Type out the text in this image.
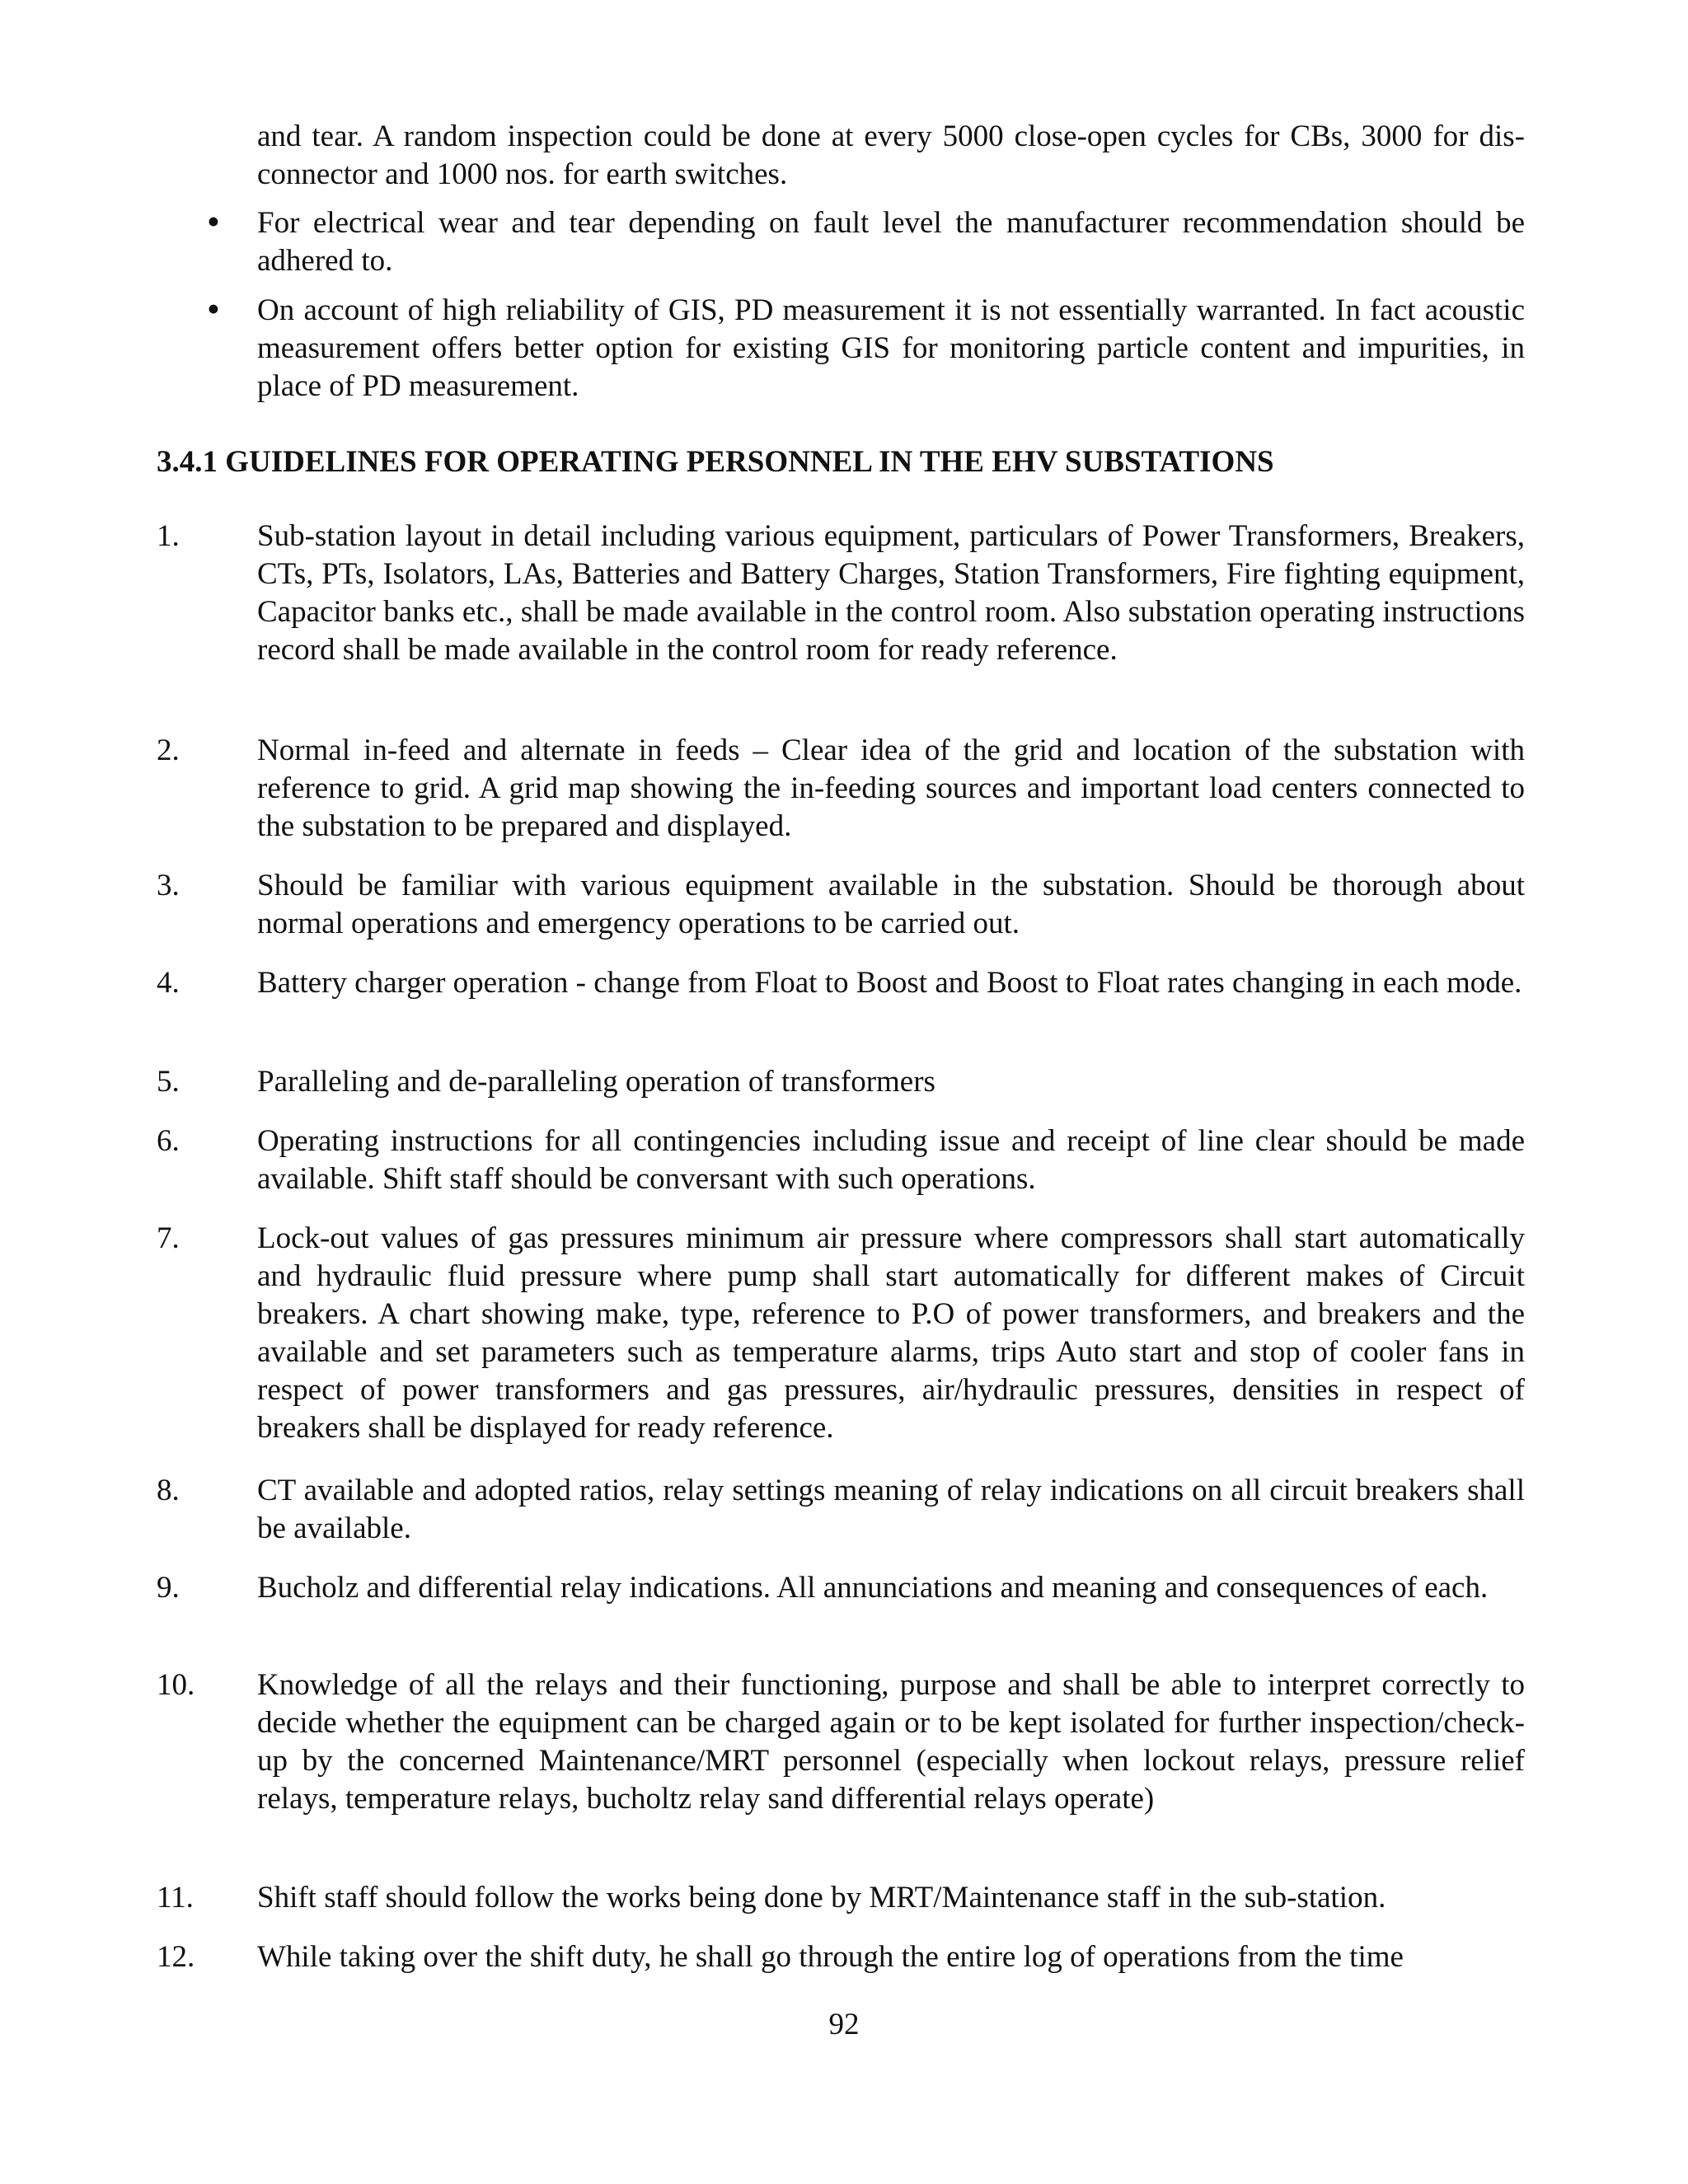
and tear. A random inspection could be done at every 5000 close-open cycles for CBs, 3000 for dis-connector and 1000 nos. for earth switches.

• For electrical wear and tear depending on fault level the manufacturer recommendation should be adhered to.
• On account of high reliability of GIS, PD measurement it is not essentially warranted. In fact acoustic measurement offers better option for existing GIS for monitoring particle content and impurities, in place of PD measurement.
3.4.1 GUIDELINES FOR OPERATING PERSONNEL IN THE EHV SUBSTATIONS
1.	Sub-station layout in detail including various equipment, particulars of Power Transformers, Breakers, CTs, PTs, Isolators, LAs, Batteries and Battery Charges, Station Transformers, Fire fighting equipment, Capacitor banks etc., shall be made available in the control room. Also substation operating instructions record shall be made available in the control room for ready reference.
2.	Normal in-feed and alternate in feeds – Clear idea of the grid and location of the substation with reference to grid. A grid map showing the in-feeding sources and important load centers connected to the substation to be prepared and displayed.
3.	Should be familiar with various equipment available in the substation. Should be thorough about normal operations and emergency operations to be carried out.
4.	Battery charger operation - change from Float to Boost and Boost to Float rates changing in each mode.
5.	Paralleling and de-paralleling operation of transformers
6.	Operating instructions for all contingencies including issue and receipt of line clear should be made available. Shift staff should be conversant with such operations.
7.	Lock-out values of gas pressures minimum air pressure where compressors shall start automatically and hydraulic fluid pressure where pump shall start automatically for different makes of Circuit breakers. A chart showing make, type, reference to P.O of power transformers, and breakers and the available and set parameters such as temperature alarms, trips Auto start and stop of cooler fans in respect of power transformers and gas pressures, air/hydraulic pressures, densities in respect of breakers shall be displayed for ready reference.
8.	CT available and adopted ratios, relay settings meaning of relay indications on all circuit breakers shall be available.
9.	Bucholz and differential relay indications. All annunciations and meaning and consequences of each.
10. Knowledge of all the relays and their functioning, purpose and shall be able to interpret correctly to decide whether the equipment can be charged again or to be kept isolated for further inspection/check-up by the concerned Maintenance/MRT personnel (especially when lockout relays, pressure relief relays, temperature relays, bucholtz relay sand differential relays operate)
11. Shift staff should follow the works being done by MRT/Maintenance staff in the sub-station.
12. While taking over the shift duty, he shall go through the entire log of operations from the time
92
